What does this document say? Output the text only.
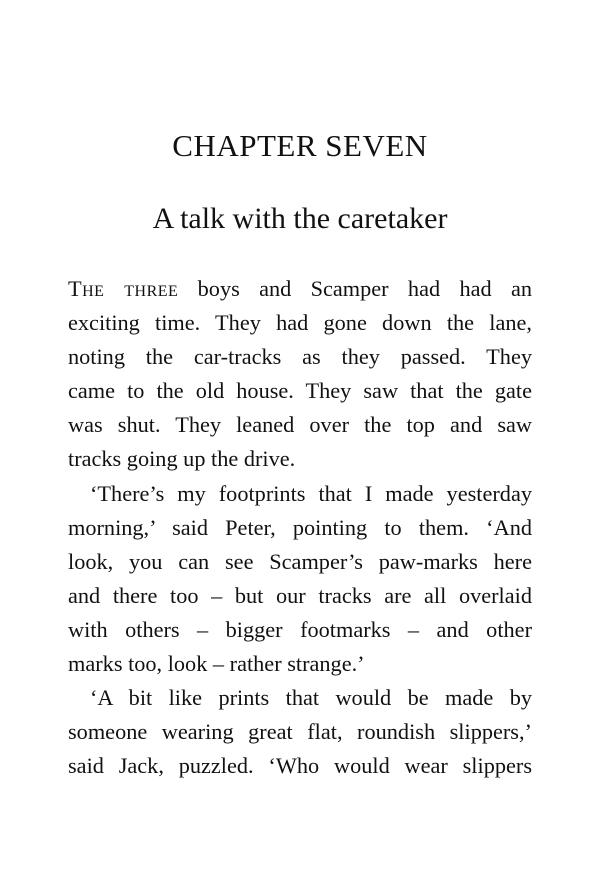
CHAPTER SEVEN
A talk with the caretaker

The three boys and Scamper had had an
exciting time. They had gone down the lane,
noting the car-tracks as they passed. They
came to the old house. They saw that the gate
was shut. They leaned over the top and saw
tracks going up the drive.

‘There’s my footprints that I made yesterday
morning,’ said Peter, pointing to them. ‘And
look, you can see Scamper’s paw-marks here
and there too – but our tracks are all overlaid
with others – bigger footmarks – and other
marks too, look – rather strange.’

‘A bit like prints that would be made by
someone wearing great flat, roundish slippers,’
said Jack, puzzled. ‘Who would wear slippers
